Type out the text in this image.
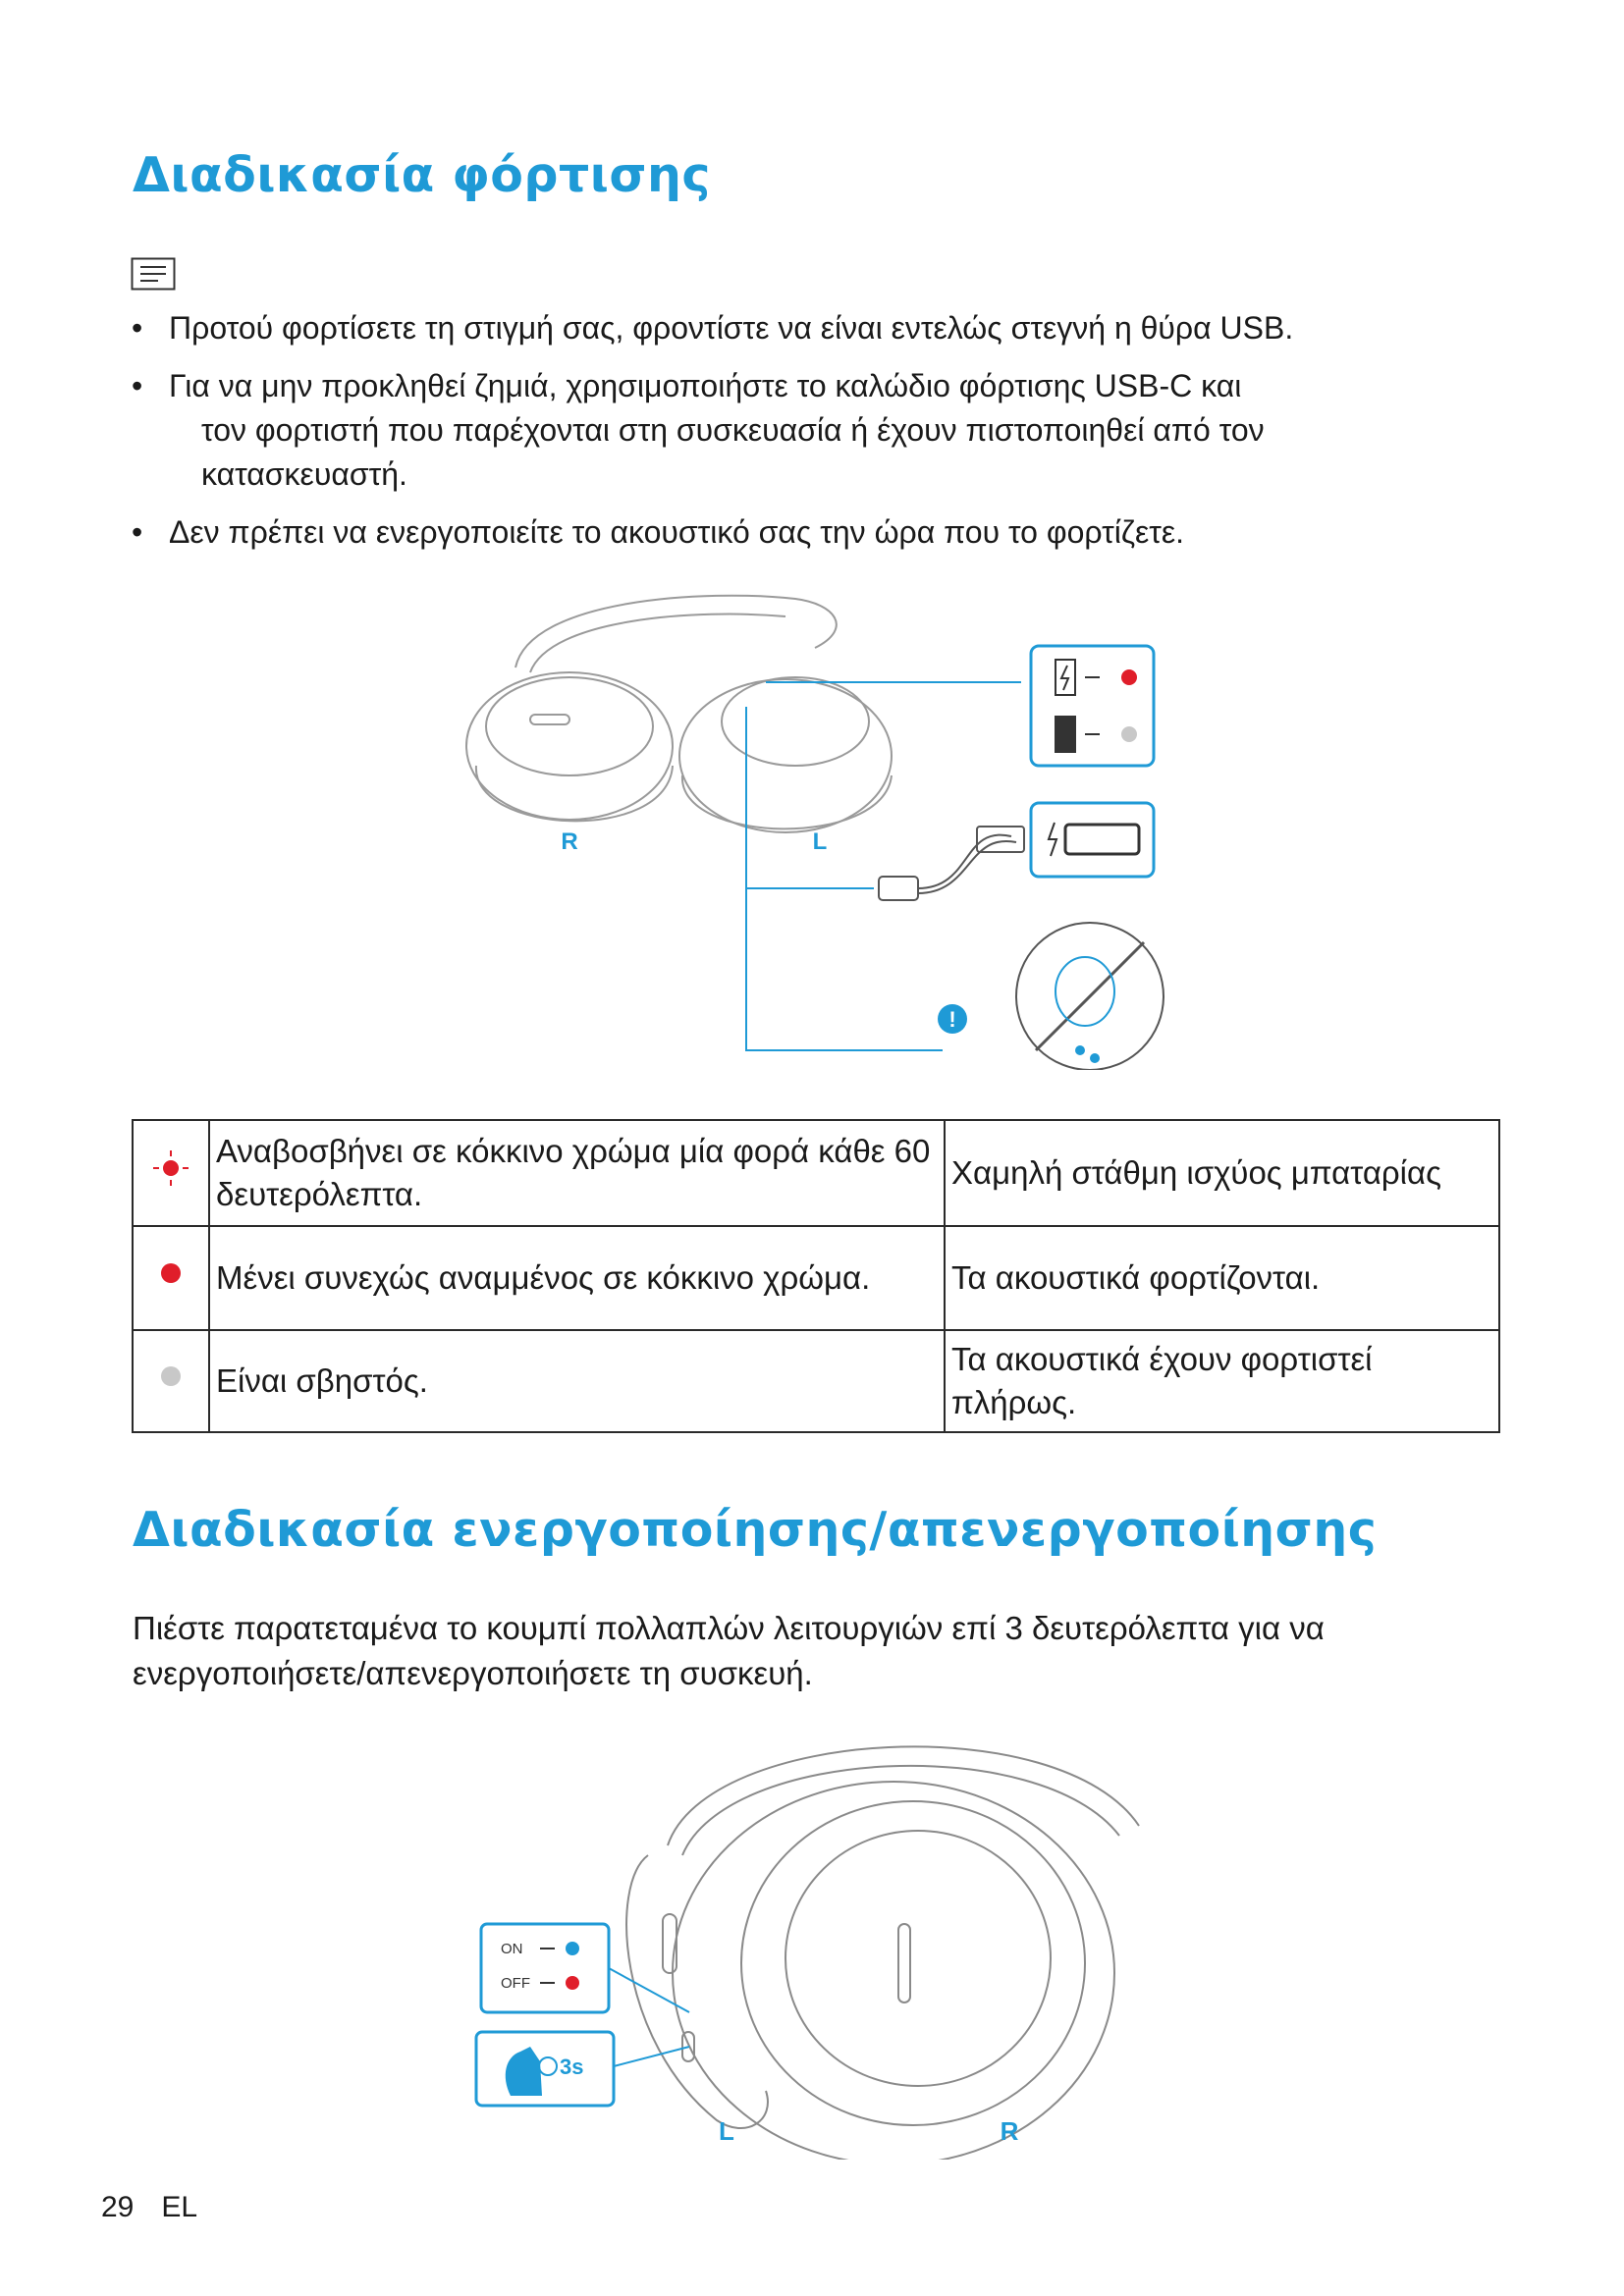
Διαδικασία φόρτισης
• Προτού φορτίσετε τη στιγμή σας, φροντίστε να είναι εντελώς στεγνή η θύρα USB.
• Για να μην προκληθεί ζημιά, χρησιμοποιήστε το καλώδιο φόρτισης USB-C και
τον φορτιστή που παρέχονται στη συσκευασία ή έχουν πιστοποιηθεί από τον
κατασκευαστή.
• Δεν πρέπει να ενεργοποιείτε το ακουστικό σας την ώρα που το φορτίζετε.
R	L
!
	Αναβοσβήνει σε κόκκινο χρώμα μία φορά κάθε 60 δευτερόλεπτα.	Χαμηλή στάθμη ισχύος μπαταρίας
	Μένει συνεχώς αναμμένος σε κόκκινο χρώμα.	Τα ακουστικά φορτίζονται.
	Είναι σβηστός.	Τα ακουστικά έχουν φορτιστεί πλήρως.
Διαδικασία ενεργοποίησης/απενεργοποίησης

Πιέστε παρατεταμένα το κουμπί πολλαπλών λειτουργιών επί 3 δευτερόλεπτα για να ενεργοποιήσετε/απενεργοποιήσετε τη συσκευή.

ON
OFF
3s
L	R
29 EL
